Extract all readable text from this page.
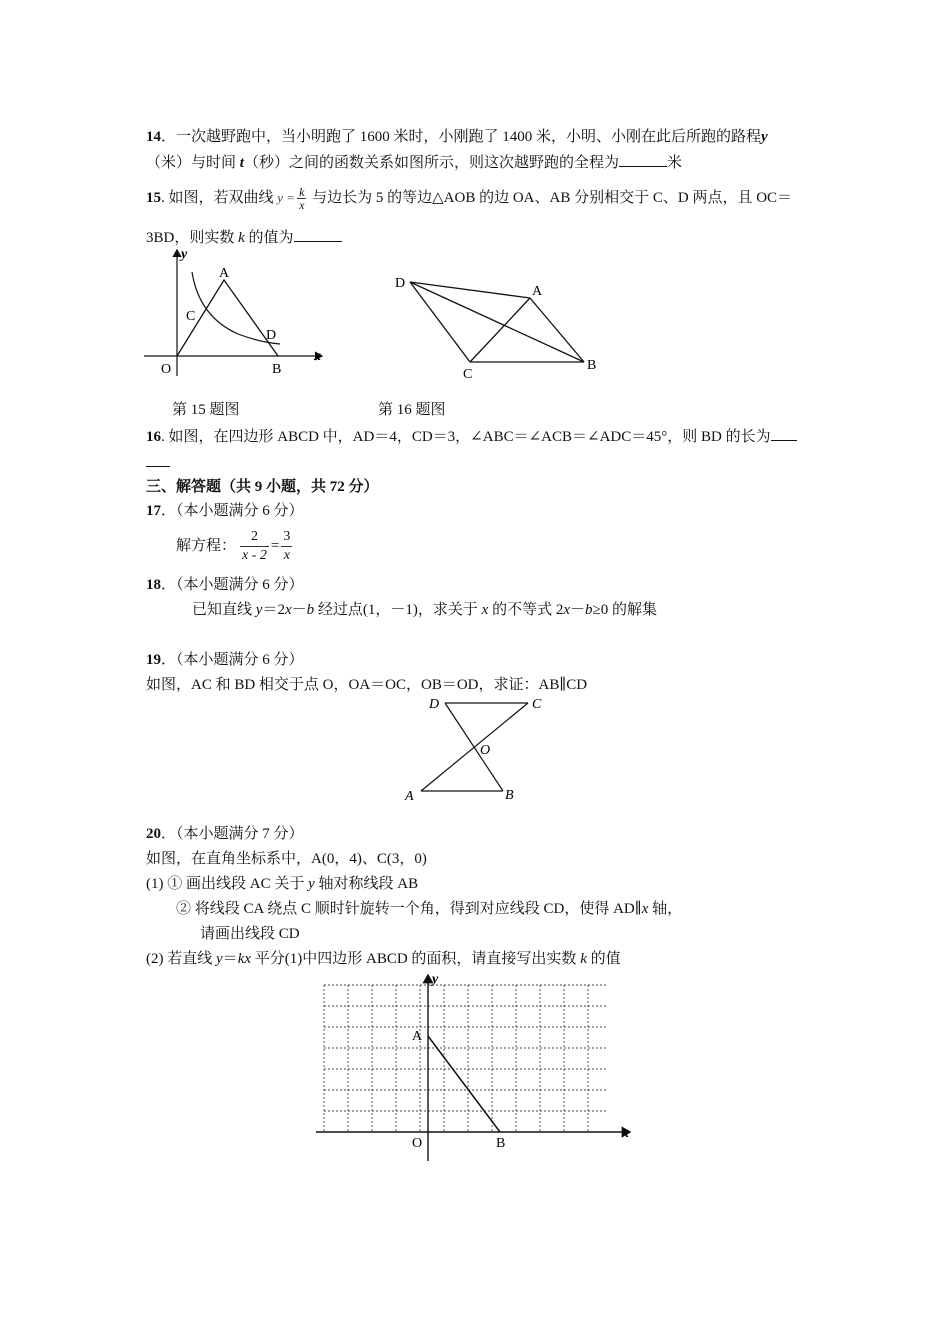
14．一次越野跑中，当小明跑了 1600 米时，小刚跑了 1400 米，小明、小刚在此后所跑的路程y
（米）与时间 t（秒）之间的函数关系如图所示，则这次越野跑的全程为	米
15. 如图，若双曲线 $y = \frac{k}{x}$ 与边长为 5 的等边△AOB 的边 OA、AB 分别相交于 C、D 两点，且 OC＝
3BD，则实数 k 的值为
y
x
O
A
B
C
D
D
A
B
C
第 15 题图	第 16 题图
16. 如图，在四边形 ABCD 中，AD＝4，CD＝3，∠ABC＝∠ACB＝∠ADC＝45°，则 BD 的长为
三、解答题（共 9 小题，共 72 分）
17．（本小题满分 6 分）
解方程： $\frac{2}{x - 2} = \frac{3}{x}$
18．（本小题满分 6 分）
已知直线 y＝2x－b 经过点(1，－1)，求关于 x 的不等式 2x－b≥0 的解集
19．（本小题满分 6 分）
如图，AC 和 BD 相交于点 O，OA＝OC，OB＝OD，求证：AB∥CD
D	C
O
A	B
20．（本小题满分 7 分）
如图，在直角坐标系中，A(0，4)、C(3，0)
(1) ① 画出线段 AC 关于 y 轴对称线段 AB
② 将线段 CA 绕点 C 顺时针旋转一个角，得到对应线段 CD，使得 AD∥x 轴，
请画出线段 CD
(2) 若直线 y＝kx 平分(1)中四边形 ABCD 的面积，请直接写出实数 k 的值
y
x
O
A
B
